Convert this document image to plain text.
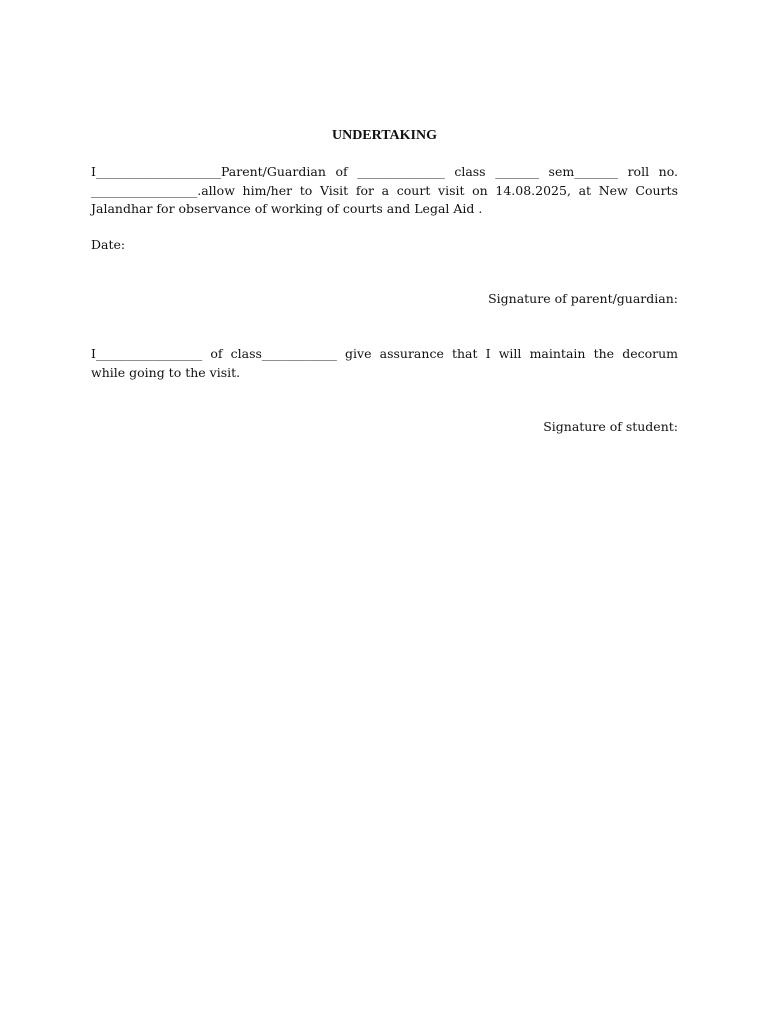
UNDERTAKING
I____________________Parent/Guardian of ______________ class _______ sem_______ roll no.
_________________.allow him/her to Visit for a court visit on 14.08.2025, at New Courts
Jalandhar for observance of working of courts and Legal Aid .
Date:
Signature of parent/guardian:
I_________________ of class____________ give assurance that I will maintain the decorum
while going to the visit.
Signature of student:
